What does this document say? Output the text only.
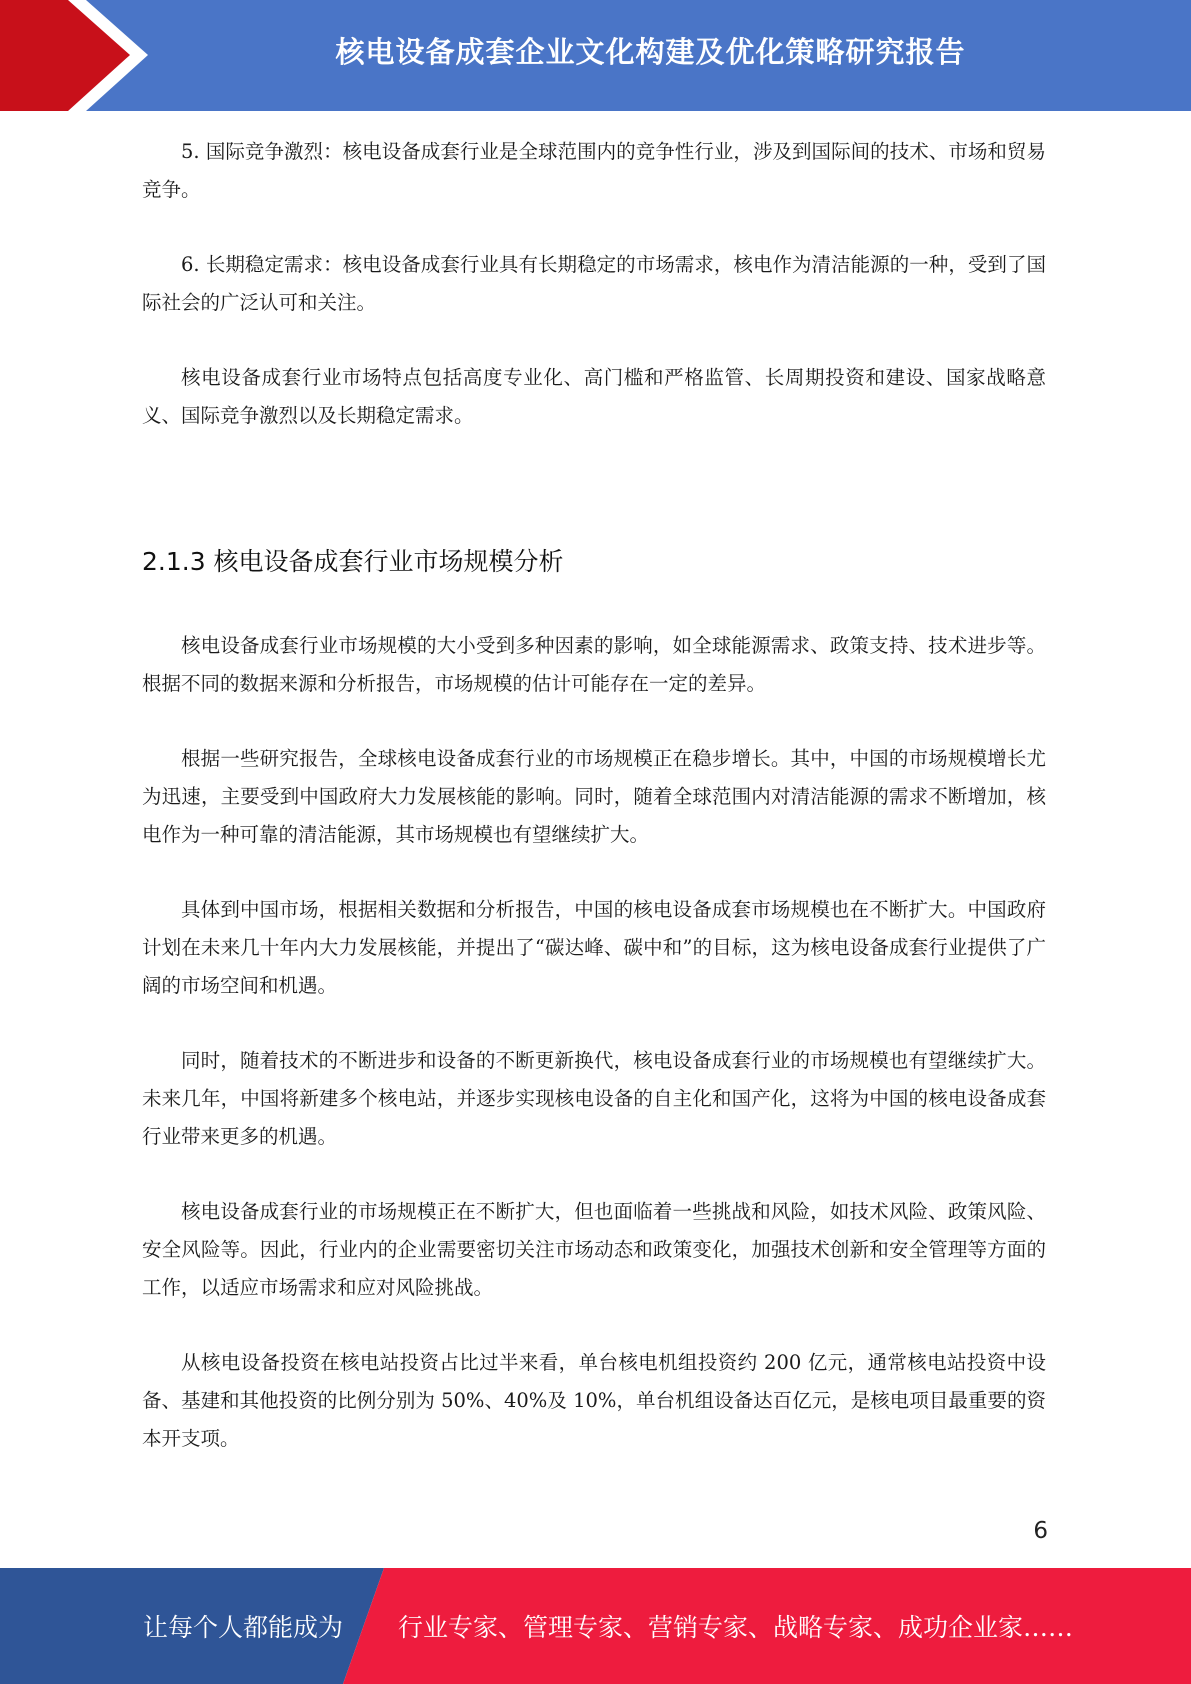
核电设备成套企业文化构建及优化策略研究报告

5. 国际竞争激烈：核电设备成套行业是全球范围内的竞争性行业，涉及到国际间的技术、市场和贸易竞争。

6. 长期稳定需求：核电设备成套行业具有长期稳定的市场需求，核电作为清洁能源的一种，受到了国际社会的广泛认可和关注。

核电设备成套行业市场特点包括高度专业化、高门槛和严格监管、长周期投资和建设、国家战略意义、国际竞争激烈以及长期稳定需求。

2.1.3 核电设备成套行业市场规模分析

核电设备成套行业市场规模的大小受到多种因素的影响，如全球能源需求、政策支持、技术进步等。根据不同的数据来源和分析报告，市场规模的估计可能存在一定的差异。

根据一些研究报告，全球核电设备成套行业的市场规模正在稳步增长。其中，中国的市场规模增长尤为迅速，主要受到中国政府大力发展核能的影响。同时，随着全球范围内对清洁能源的需求不断增加，核电作为一种可靠的清洁能源，其市场规模也有望继续扩大。

具体到中国市场，根据相关数据和分析报告，中国的核电设备成套市场规模也在不断扩大。中国政府计划在未来几十年内大力发展核能，并提出了“碳达峰、碳中和”的目标，这为核电设备成套行业提供了广阔的市场空间和机遇。

同时，随着技术的不断进步和设备的不断更新换代，核电设备成套行业的市场规模也有望继续扩大。未来几年，中国将新建多个核电站，并逐步实现核电设备的自主化和国产化，这将为中国的核电设备成套行业带来更多的机遇。

核电设备成套行业的市场规模正在不断扩大，但也面临着一些挑战和风险，如技术风险、政策风险、安全风险等。因此，行业内的企业需要密切关注市场动态和政策变化，加强技术创新和安全管理等方面的工作，以适应市场需求和应对风险挑战。

从核电设备投资在核电站投资占比过半来看，单台核电机组投资约 200 亿元，通常核电站投资中设备、基建和其他投资的比例分别为 50%、40%及 10%，单台机组设备达百亿元，是核电项目最重要的资本开支项。

6
让每个人都能成为 行业专家、管理专家、营销专家、战略专家、成功企业家……
